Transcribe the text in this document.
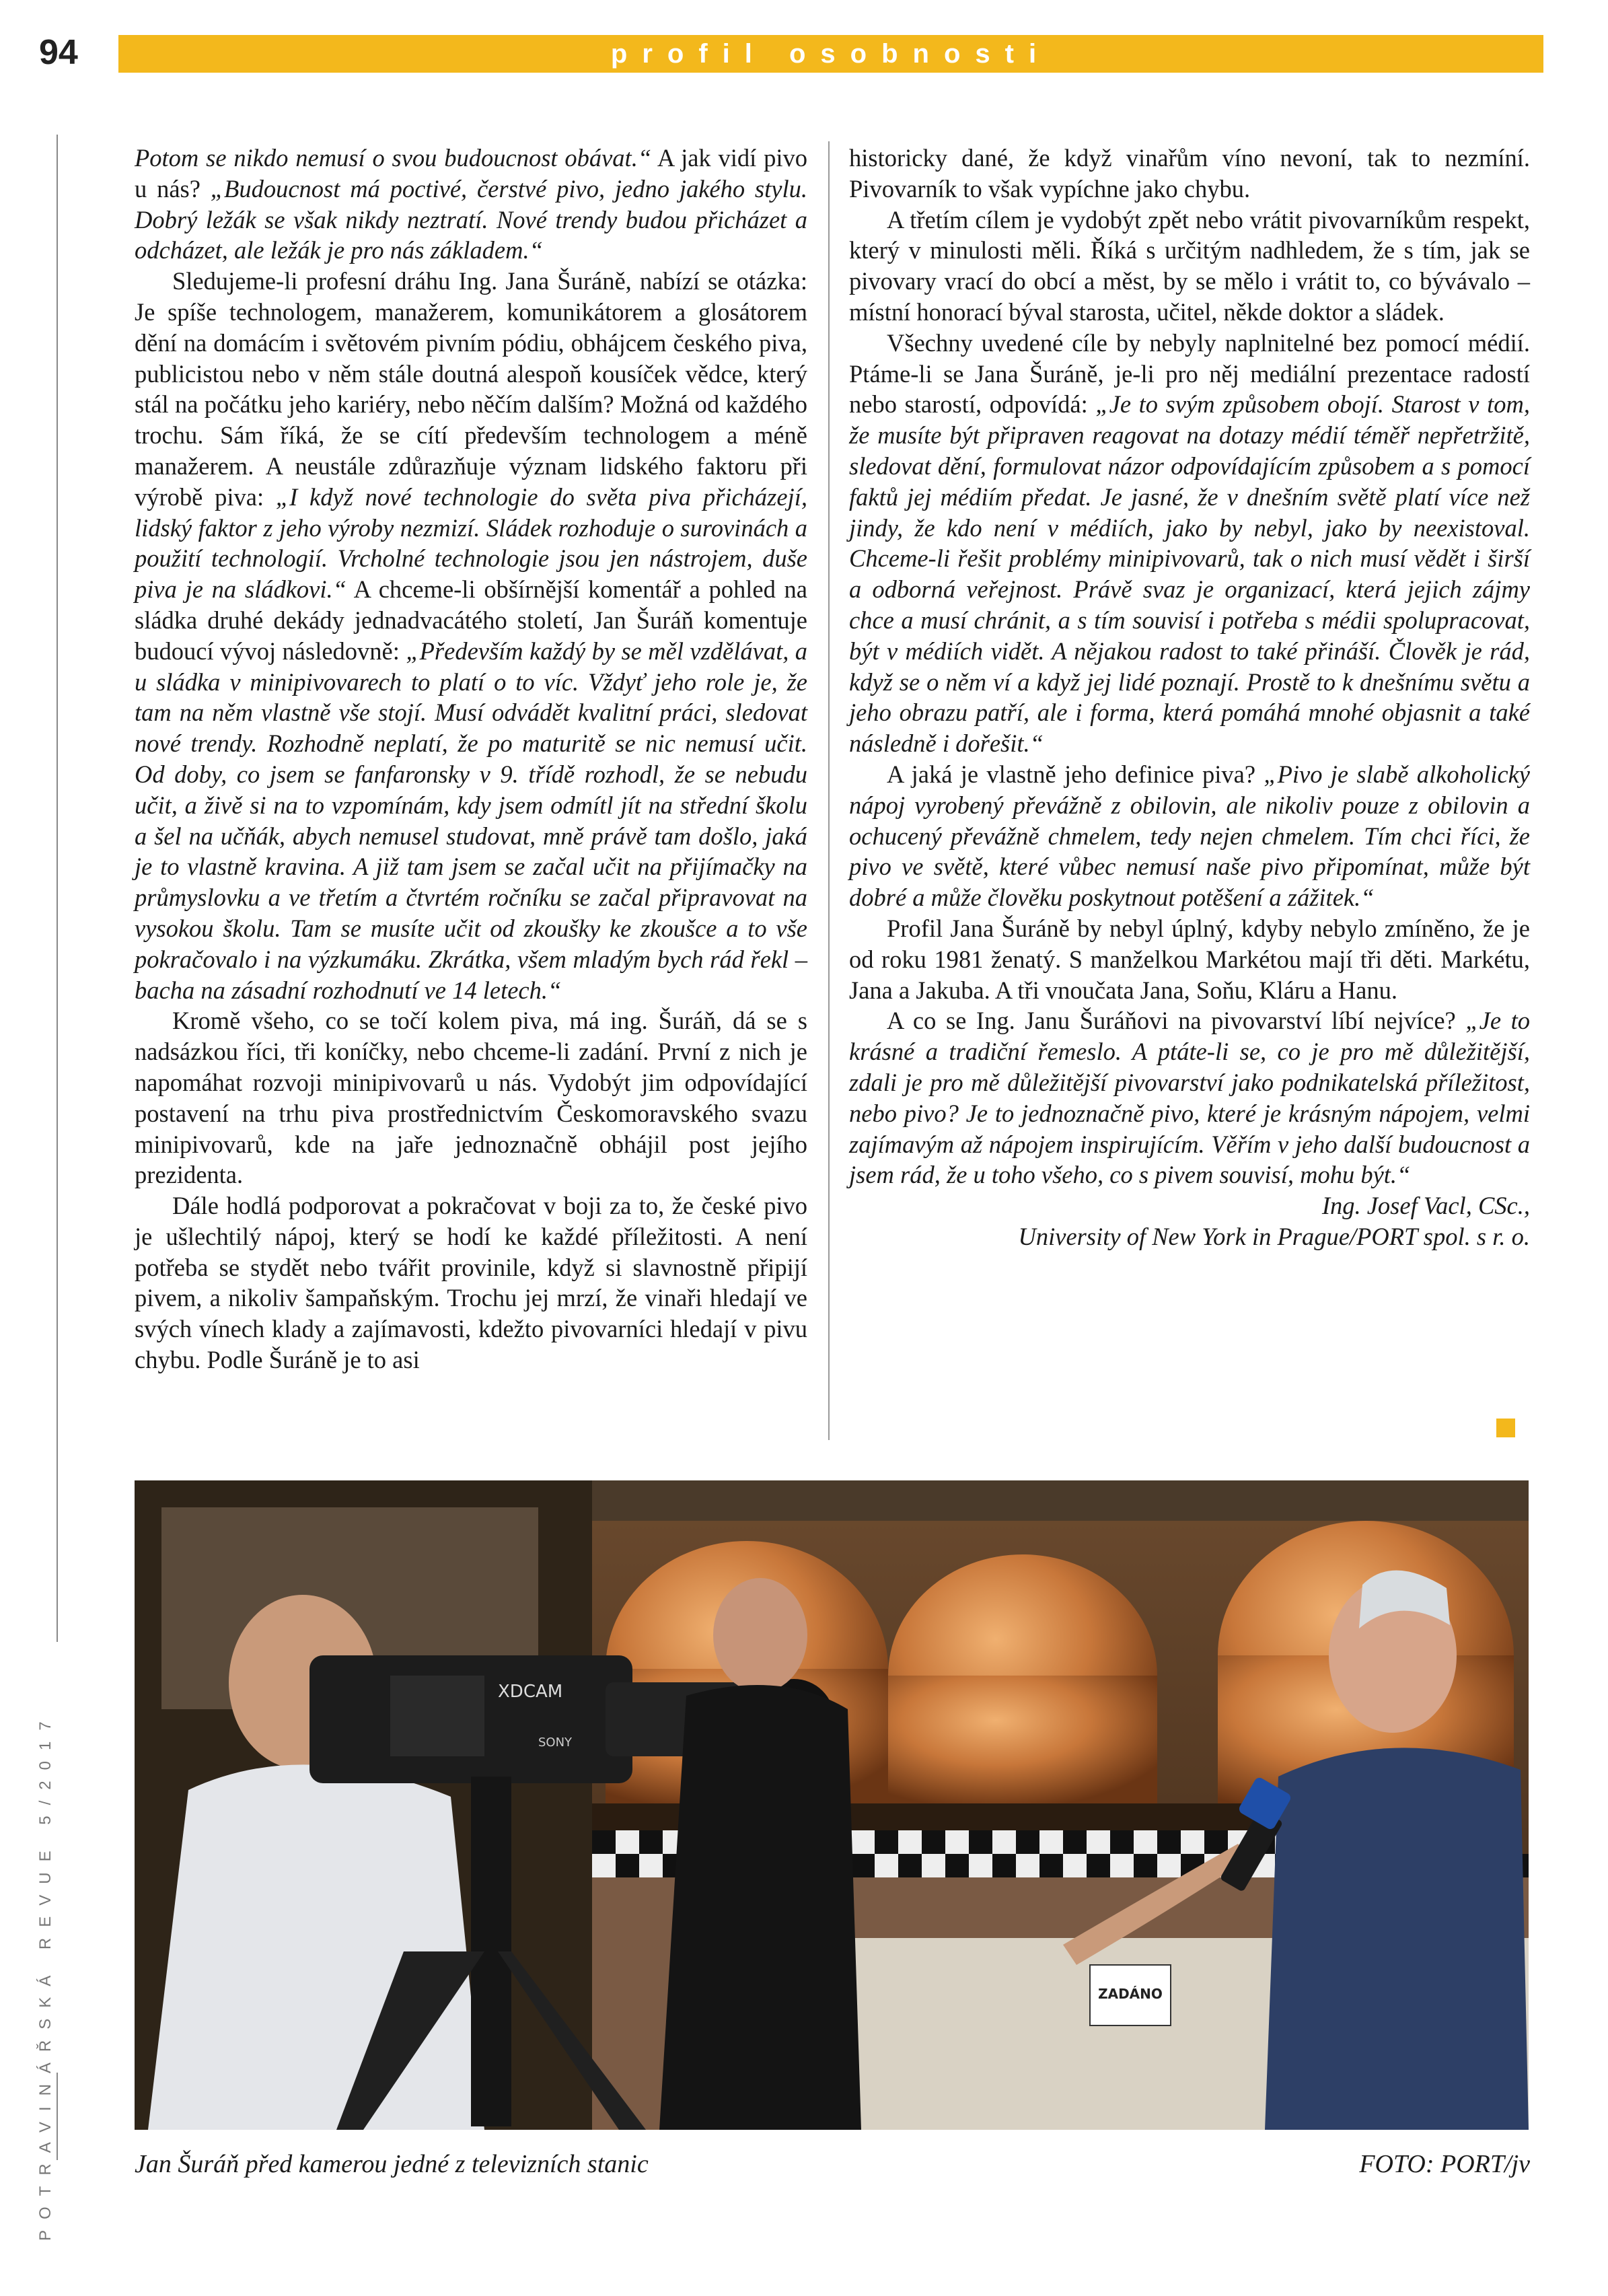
94	profil osobnosti
POTRAVINÁŘSKÁ REVUE 5/2017

Potom se nikdo nemusí o svou budoucnost obávat.“ A jak vidí pivo u nás? „Budoucnost má poctivé, čerstvé pivo, jedno jakého stylu. Dobrý ležák se však nikdy neztratí. Nové trendy budou přicházet a odcházet, ale ležák je pro nás základem.“

Sledujeme-li profesní dráhu Ing. Jana Šuráně, nabízí se otázka: Je spíše technologem, manažerem, komunikátorem a glosátorem dění na domácím i světovém pivním pódiu, obhájcem českého piva, publicistou nebo v něm stále doutná alespoň kousíček vědce, který stál na počátku jeho kariéry, nebo něčím dalším? Možná od každého trochu. Sám říká, že se cítí především technologem a méně manažerem. A neustále zdůrazňuje význam lidského faktoru při výrobě piva: „I když nové technologie do světa piva přicházejí, lidský faktor z jeho výroby nezmizí. Sládek rozhoduje o surovinách a použití technologií. Vrcholné technologie jsou jen nástrojem, duše piva je na sládkovi.“ A chceme-li obšírnější komentář a pohled na sládka druhé dekády jednadvacátého století, Jan Šuráň komentuje budoucí vývoj následovně: „Především každý by se měl vzdělávat, a u sládka v minipivovarech to platí o to víc. Vždyť jeho role je, že tam na něm vlastně vše stojí. Musí odvádět kvalitní práci, sledovat nové trendy. Rozhodně neplatí, že po maturitě se nic nemusí učit. Od doby, co jsem se fanfaronsky v 9. třídě rozhodl, že se nebudu učit, a živě si na to vzpomínám, kdy jsem odmítl jít na střední školu a šel na učňák, abych nemusel studovat, mně právě tam došlo, jaká je to vlastně kravina. A již tam jsem se začal učit na přijímačky na průmyslovku a ve třetím a čtvrtém ročníku se začal připravovat na vysokou školu. Tam se musíte učit od zkoušky ke zkoušce a to vše pokračovalo i na výzkumáku. Zkrátka, všem mladým bych rád řekl – bacha na zásadní rozhodnutí ve 14 letech.“

Kromě všeho, co se točí kolem piva, má ing. Šuráň, dá se s nadsázkou říci, tři koníčky, nebo chceme-li zadání. První z nich je napomáhat rozvoji minipivovarů u nás. Vydobýt jim odpovídající postavení na trhu piva prostřednictvím Českomoravského svazu minipivovarů, kde na jaře jednoznačně obhájil post jejího prezidenta.

Dále hodlá podporovat a pokračovat v boji za to, že české pivo je ušlechtilý nápoj, který se hodí ke každé příležitosti. A není potřeba se stydět nebo tvářit provinile, když si slavnostně připijí pivem, a nikoliv šampaňským. Trochu jej mrzí, že vinaři hledají ve svých vínech klady a zajímavosti, kdežto pivovarníci hledají v pivu chybu. Podle Šuráně je to asi

historicky dané, že když vinařům víno nevoní, tak to nezmíní. Pivovarník to však vypíchne jako chybu.

A třetím cílem je vydobýt zpět nebo vrátit pivovarníkům respekt, který v minulosti měli. Říká s určitým nadhledem, že s tím, jak se pivovary vrací do obcí a měst, by se mělo i vrátit to, co bývávalo – místní honorací býval starosta, učitel, někde doktor a sládek.

Všechny uvedené cíle by nebyly naplnitelné bez pomocí médií. Ptáme-li se Jana Šuráně, je-li pro něj mediální prezentace radostí nebo starostí, odpovídá: „Je to svým způsobem obojí. Starost v tom, že musíte být připraven reagovat na dotazy médií téměř nepřetržitě, sledovat dění, formulovat názor odpovídajícím způsobem a s pomocí faktů jej médiím předat. Je jasné, že v dnešním světě platí více než jindy, že kdo není v médiích, jako by nebyl, jako by neexistoval. Chceme-li řešit problémy minipivovarů, tak o nich musí vědět i širší a odborná veřejnost. Právě svaz je organizací, která jejich zájmy chce a musí chránit, a s tím souvisí i potřeba s médii spolupracovat, být v médiích vidět. A nějakou radost to také přináší. Člověk je rád, když se o něm ví a když jej lidé poznají. Prostě to k dnešnímu světu a jeho obrazu patří, ale i forma, která pomáhá mnohé objasnit a také následně i dořešit.“

A jaká je vlastně jeho definice piva? „Pivo je slabě alkoholický nápoj vyrobený převážně z obilovin, ale nikoliv pouze z obilovin a ochucený převážně chmelem, tedy nejen chmelem. Tím chci říci, že pivo ve světě, které vůbec nemusí naše pivo připomínat, může být dobré a může člověku poskytnout potěšení a zážitek.“

Profil Jana Šuráně by nebyl úplný, kdyby nebylo zmíněno, že je od roku 1981 ženatý. S manželkou Markétou mají tři děti. Markétu, Jana a Jakuba. A tři vnoučata Jana, Soňu, Kláru a Hanu.

A co se Ing. Janu Šuráňovi na pivovarství líbí nejvíce? „Je to krásné a tradiční řemeslo. A ptáte-li se, co je pro mě důležitější, zdali je pro mě důležitější pivovarství jako podnikatelská příležitost, nebo pivo? Je to jednoznačně pivo, které je krásným nápojem, velmi zajímavým až nápojem inspirujícím. Věřím v jeho další budoucnost a jsem rád, že u toho všeho, co s pivem souvisí, mohu být.“

Ing. Josef Vacl, CSc.,

University of New York in Prague/PORT spol. s r. o.

ZADÁNO
XDCAM
SONY
Jan Šuráň před kamerou jedné z televizních stanic	FOTO: PORT/jv
